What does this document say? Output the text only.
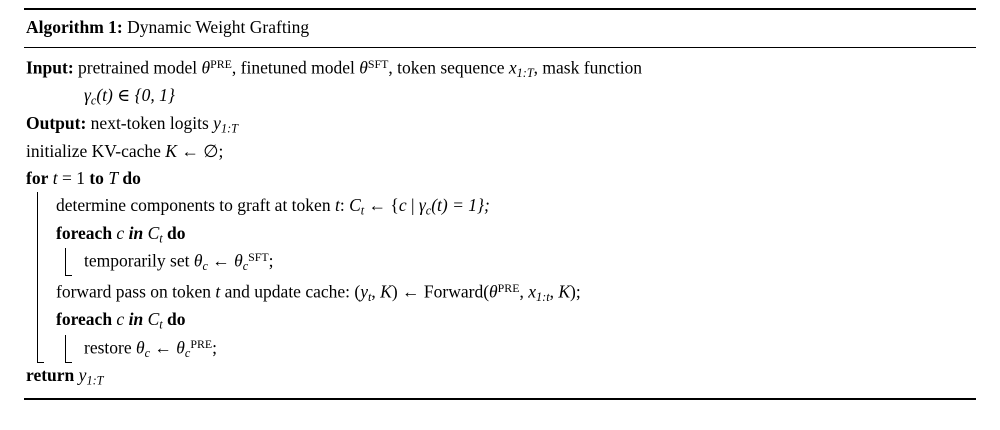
Algorithm 1: Dynamic Weight Grafting
Input: pretrained model $\theta^{PRE}$, finetuned model $\theta^{SFT}$, token sequence $x_{1:T}$, mask function
$\gamma_c(t)$ ∈ {0, 1}
Output: next-token logits $y_{1:T}$
initialize KV-cache K ← ∅;
for t = 1 to T do
determine components to graft at token t: $C_t$ ← {c | $\gamma_c(t) = 1$};
foreach c in $C_t$ do
temporarily set $\theta_c$ ← $\theta_c^{SFT}$;
forward pass on token t and update cache: ($y_t$, K) ← $Forward(\theta^{PRE}$, $x_{1:t}$, K);
foreach c in $C_t$ do
restore $\theta_c$ ← $\theta_c^{PRE}$;
return $y_{1:T}$
